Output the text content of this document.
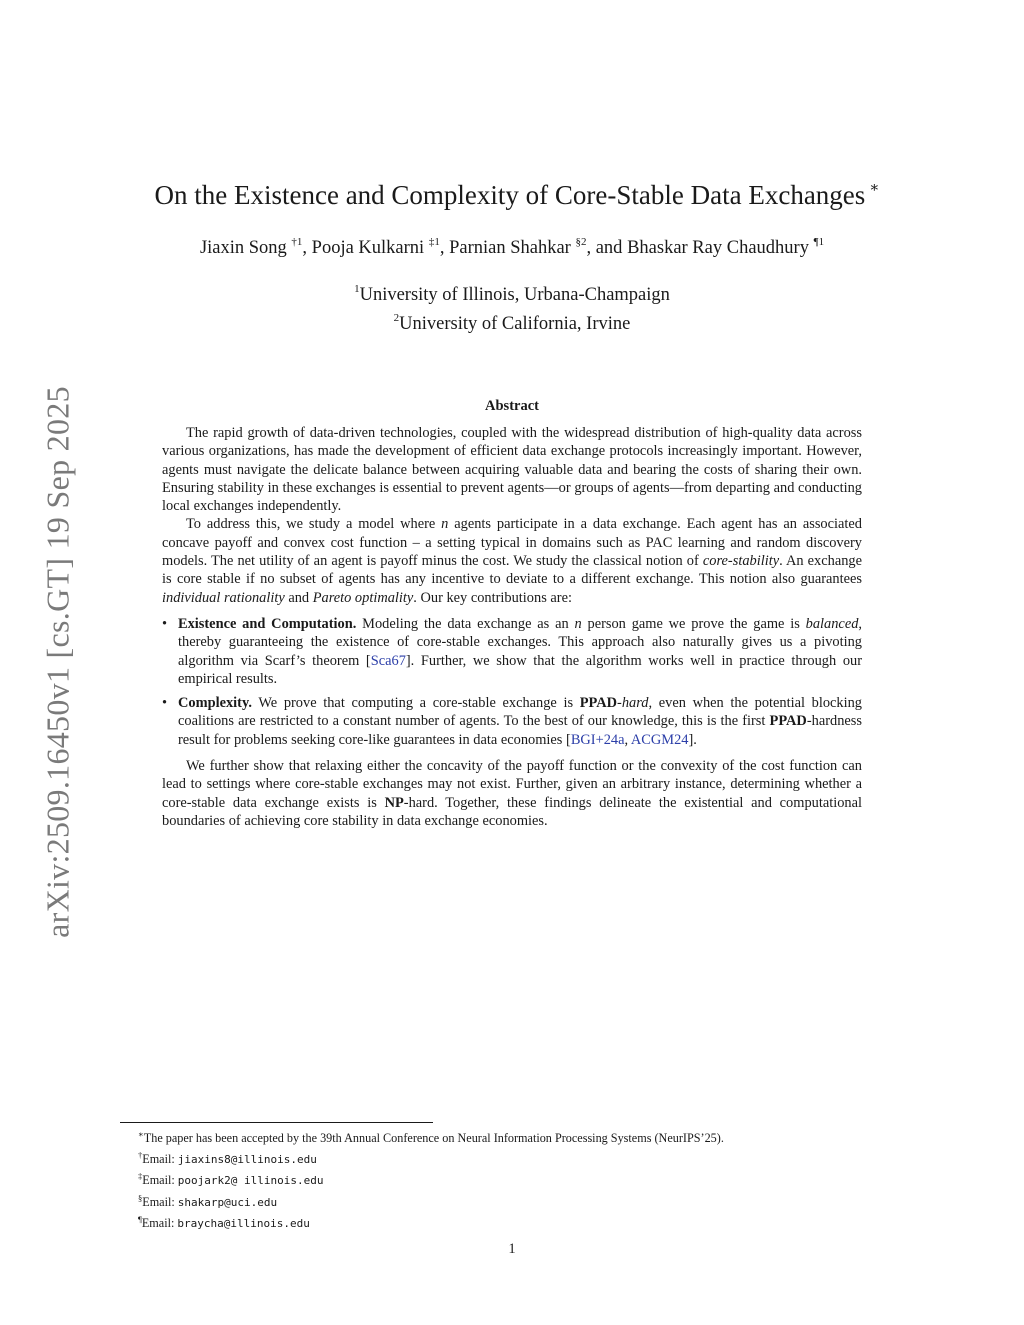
arXiv:2509.16450v1 [cs.GT] 19 Sep 2025
On the Existence and Complexity of Core-Stable Data Exchanges ∗
Jiaxin Song $^{\dagger 1}$, Pooja Kulkarni $^{\ddagger 1}$, Parnian Shahkar $^{\S 2}$, and Bhaskar Ray Chaudhury $^{\P 1}$
$^1$University of Illinois, Urbana-Champaign
$^2$University of California, Irvine
Abstract

The rapid growth of data-driven technologies, coupled with the widespread distribution of high-quality data across various organizations, has made the development of efficient data exchange protocols increasingly important. However, agents must navigate the delicate balance between acquiring valuable data and bearing the costs of sharing their own. Ensuring stability in these exchanges is essential to prevent agents—or groups of agents—from departing and conducting local exchanges independently.

To address this, we study a model where n agents participate in a data exchange. Each agent has an associated concave payoff and convex cost function – a setting typical in domains such as PAC learning and random discovery models. The net utility of an agent is payoff minus the cost. We study the classical notion of core-stability. An exchange is core stable if no subset of agents has any incentive to deviate to a different exchange. This notion also guarantees individual rationality and Pareto optimality. Our key contributions are:

• Existence and Computation. Modeling the data exchange as an n person game we prove the game is balanced, thereby guaranteeing the existence of core-stable exchanges. This approach also naturally gives us a pivoting algorithm via Scarf’s theorem [Sca67]. Further, we show that the algorithm works well in practice through our empirical results.
• Complexity. We prove that computing a core-stable exchange is PPAD-hard, even when the potential blocking coalitions are restricted to a constant number of agents. To the best of our knowledge, this is the first PPAD-hardness result for problems seeking core-like guarantees in data economies [BGI+24a, ACGM24].

We further show that relaxing either the concavity of the payoff function or the convexity of the cost function can lead to settings where core-stable exchanges may not exist. Further, given an arbitrary instance, determining whether a core-stable data exchange exists is NP-hard. Together, these findings delineate the existential and computational boundaries of achieving core stability in data exchange economies.

∗The paper has been accepted by the 39th Annual Conference on Neural Information Processing Systems (NeurIPS’25).
†Email: jiaxins8@illinois.edu
‡Email: poojark2@ illinois.edu
§Email: shakarp@uci.edu
¶Email: braycha@illinois.edu
1
